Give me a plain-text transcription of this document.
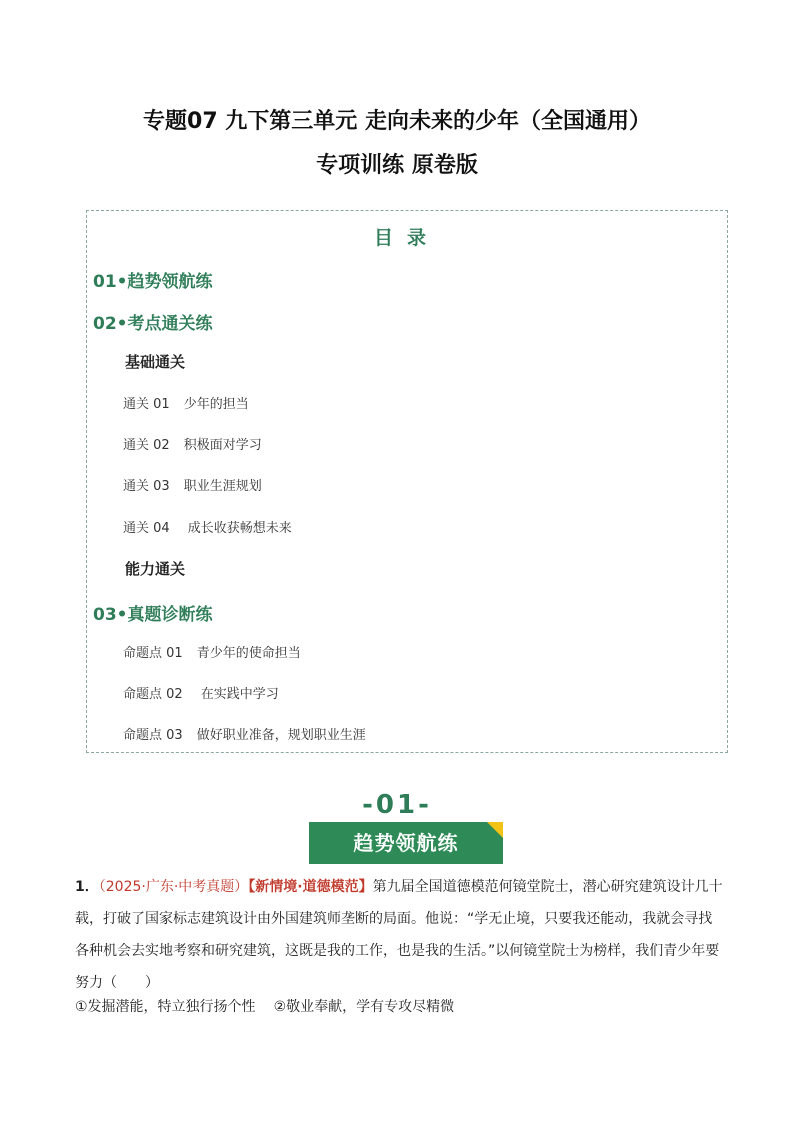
专题07 九下第三单元 走向未来的少年（全国通用）
专项训练 原卷版
目录
01•趋势领航练
02•考点通关练
基础通关
通关 01 少年的担当
通关 02 积极面对学习
通关 03 职业生涯规划
通关 04 成长收获畅想未来
能力通关
03•真题诊断练
命题点 01 青少年的使命担当
命题点 02 在实践中学习
命题点 03 做好职业准备，规划职业生涯
-01-
趋势领航练
1．（2025·广东·中考真题）【新情境·道德模范】第九届全国道德模范何镜堂院士，潜心研究建筑设计几十载，打破了国家标志建筑设计由外国建筑师垄断的局面。他说：“学无止境，只要我还能动，我就会寻找各种机会去实地考察和研究建筑，这既是我的工作，也是我的生活。”以何镜堂院士为榜样，我们青少年要努力（　　）
①发掘潜能，特立独行扬个性 ②敬业奉献，学有专攻尽精微
